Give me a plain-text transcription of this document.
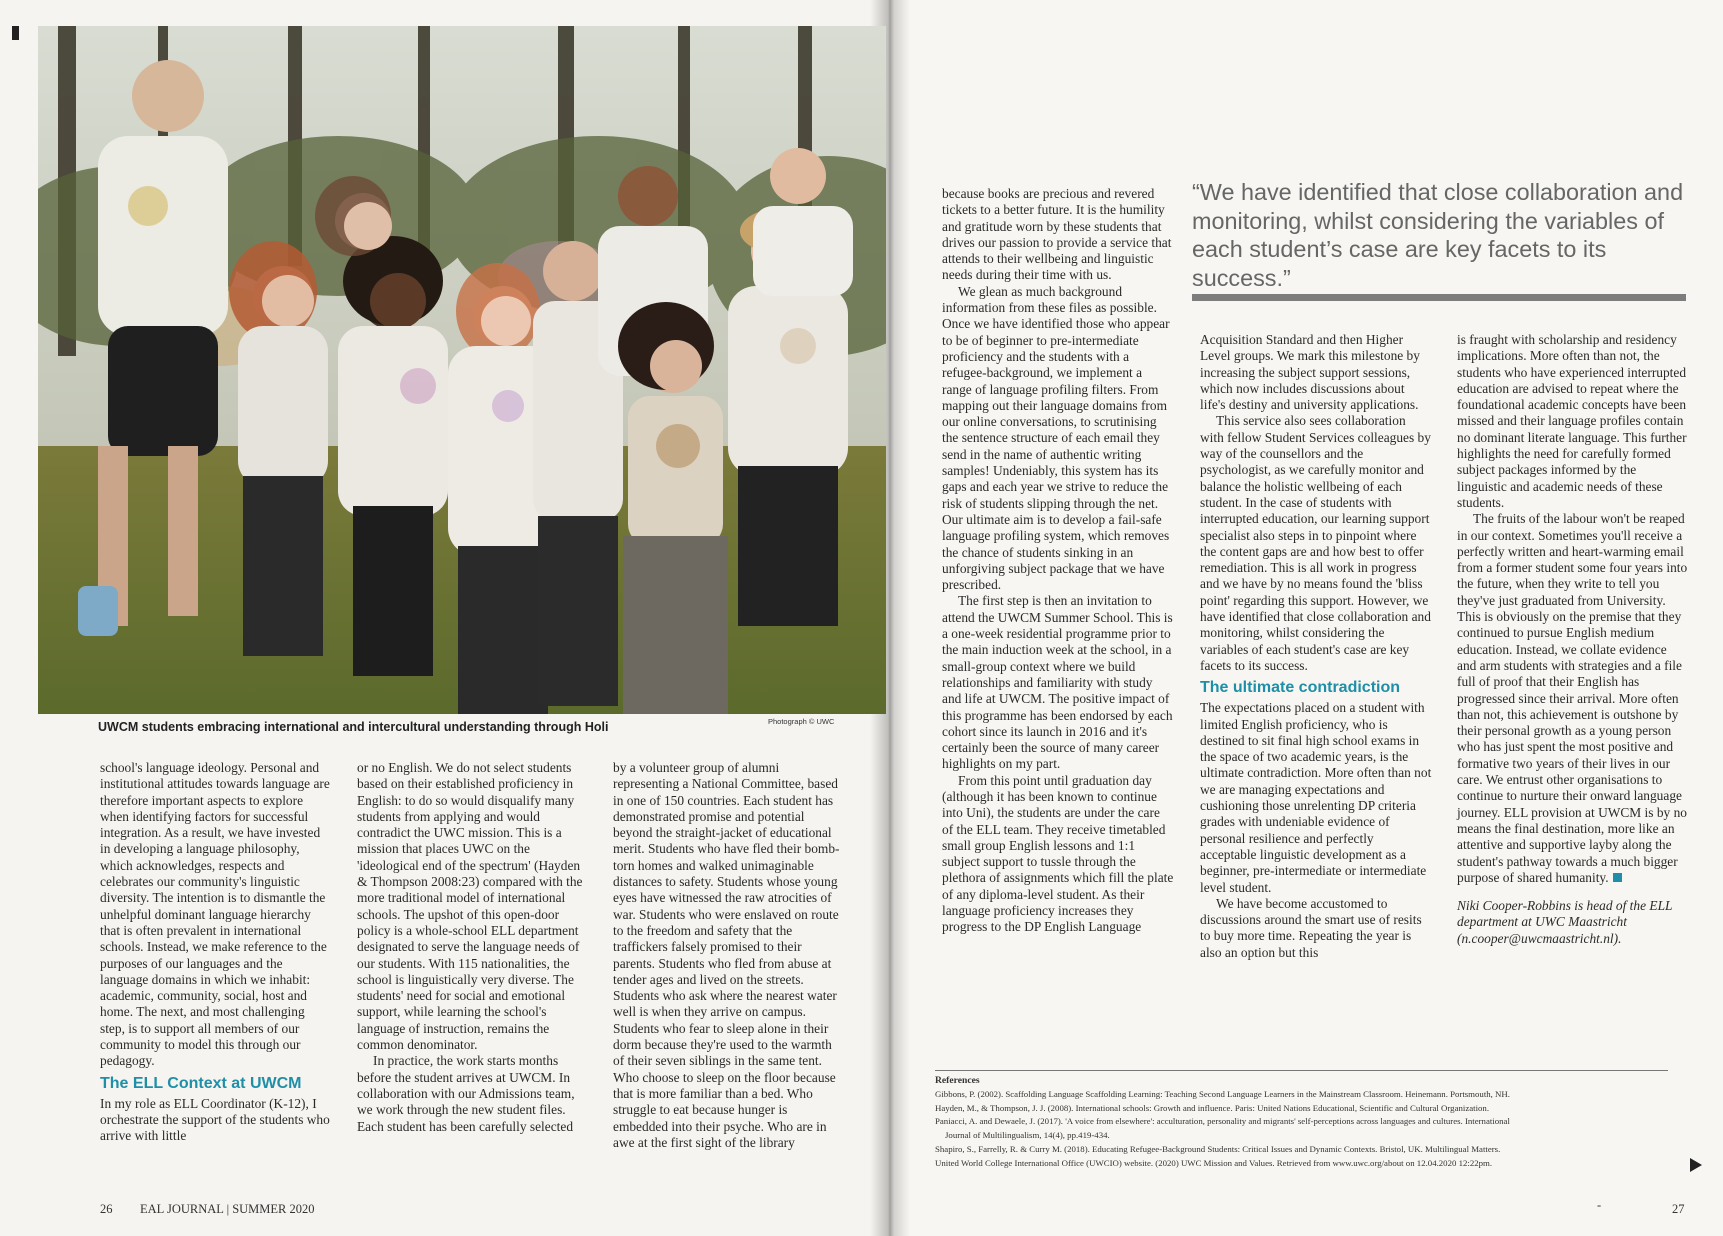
UWCM students embracing international and intercultural understanding through Holi	Photograph © UWC

school's language ideology. Personal and institutional attitudes towards language are therefore important aspects to explore when identifying factors for successful integration. As a result, we have invested in developing a language philosophy, which acknowledges, respects and celebrates our community's linguistic diversity. The intention is to dismantle the unhelpful dominant language hierarchy that is often prevalent in international schools. Instead, we make reference to the purposes of our languages and the language domains in which we inhabit: academic, community, social, host and home. The next, and most challenging step, is to support all members of our community to model this through our pedagogy.

The ELL Context at UWCM

In my role as ELL Coordinator (K-12), I orchestrate the support of the students who arrive with little

or no English. We do not select students based on their established proficiency in English: to do so would disqualify many students from applying and would contradict the UWC mission. This is a mission that places UWC on the 'ideological end of the spectrum' (Hayden & Thompson 2008:23) compared with the more traditional model of international schools. The upshot of this open-door policy is a whole-school ELL department designated to serve the language needs of our students. With 115 nationalities, the school is linguistically very diverse. The students' need for social and emotional support, while learning the school's language of instruction, remains the common denominator.

In practice, the work starts months before the student arrives at UWCM. In collaboration with our Admissions team, we work through the new student files. Each student has been carefully selected

by a volunteer group of alumni representing a National Committee, based in one of 150 countries. Each student has demonstrated promise and potential beyond the straight-jacket of educational merit. Students who have fled their bomb-torn homes and walked unimaginable distances to safety. Students whose young eyes have witnessed the raw atrocities of war. Students who were enslaved on route to the freedom and safety that the traffickers falsely promised to their parents. Students who fled from abuse at tender ages and lived on the streets. Students who ask where the nearest water well is when they arrive on campus. Students who fear to sleep alone in their dorm because they're used to the warmth of their seven siblings in the same tent. Who choose to sleep on the floor because that is more familiar than a bed. Who struggle to eat because hunger is embedded into their psyche. Who are in awe at the first sight of the library

because books are precious and revered tickets to a better future. It is the humility and gratitude worn by these students that drives our passion to provide a service that attends to their wellbeing and linguistic needs during their time with us.

We glean as much background information from these files as possible. Once we have identified those who appear to be of beginner to pre-intermediate proficiency and the students with a refugee-background, we implement a range of language profiling filters. From mapping out their language domains from our online conversations, to scrutinising the sentence structure of each email they send in the name of authentic writing samples! Undeniably, this system has its gaps and each year we strive to reduce the risk of students slipping through the net. Our ultimate aim is to develop a fail-safe language profiling system, which removes the chance of students sinking in an unforgiving subject package that we have prescribed.

The first step is then an invitation to attend the UWCM Summer School. This is a one-week residential programme prior to the main induction week at the school, in a small-group context where we build relationships and familiarity with study and life at UWCM. The positive impact of this programme has been endorsed by each cohort since its launch in 2016 and it's certainly been the source of many career highlights on my part.

From this point until graduation day (although it has been known to continue into Uni), the students are under the care of the ELL team. They receive timetabled small group English lessons and 1:1 subject support to tussle through the plethora of assignments which fill the plate of any diploma-level student. As their language proficiency increases they progress to the DP English Language

“We have identified that close collaboration and monitoring, whilst considering the variables of each student’s case are key facets to its success.”

Acquisition Standard and then Higher Level groups. We mark this milestone by increasing the subject support sessions, which now includes discussions about life's destiny and university applications.

This service also sees collaboration with fellow Student Services colleagues by way of the counsellors and the psychologist, as we carefully monitor and balance the holistic wellbeing of each student. In the case of students with interrupted education, our learning support specialist also steps in to pinpoint where the content gaps are and how best to offer remediation. This is all work in progress and we have by no means found the 'bliss point' regarding this support. However, we have identified that close collaboration and monitoring, whilst considering the variables of each student's case are key facets to its success.

The ultimate contradiction

The expectations placed on a student with limited English proficiency, who is destined to sit final high school exams in the space of two academic years, is the ultimate contradiction. More often than not we are managing expectations and cushioning those unrelenting DP criteria grades with undeniable evidence of personal resilience and perfectly acceptable linguistic development as a beginner, pre-intermediate or intermediate level student.

We have become accustomed to discussions around the smart use of resits to buy more time. Repeating the year is also an option but this

is fraught with scholarship and residency implications. More often than not, the students who have experienced interrupted education are advised to repeat where the foundational academic concepts have been missed and their language profiles contain no dominant literate language. This further highlights the need for carefully formed subject packages informed by the linguistic and academic needs of these students.

The fruits of the labour won't be reaped in our context. Sometimes you'll receive a perfectly written and heart-warming email from a former student some four years into the future, when they write to tell you they've just graduated from University. This is obviously on the premise that they continued to pursue English medium education. Instead, we collate evidence and arm students with strategies and a file full of proof that their English has progressed since their arrival. More often than not, this achievement is outshone by their personal growth as a young person who has just spent the most positive and formative two years of their lives in our care. We entrust other organisations to continue to nurture their onward language journey. ELL provision at UWCM is by no means the final destination, more like an attentive and supportive layby along the student's pathway towards a much bigger purpose of shared humanity.

Niki Cooper-Robbins is head of the ELL department at UWC Maastricht (n.cooper@uwcmaastricht.nl).

References

Gibbons, P. (2002). Scaffolding Language Scaffolding Learning: Teaching Second Language Learners in the Mainstream Classroom. Heinemann. Portsmouth, NH.

Hayden, M., & Thompson, J. J. (2008). International schools: Growth and influence. Paris: United Nations Educational, Scientific and Cultural Organization.

Paniacci, A. and Dewaele, J. (2017). 'A voice from elsewhere': acculturation, personality and migrants' self-perceptions across languages and cultures. International

Journal of Multilingualism, 14(4), pp.419-434.

Shapiro, S., Farrelly, R. & Curry M. (2018). Educating Refugee-Background Students: Critical Issues and Dynamic Contexts. Bristol, UK. Multilingual Matters.

United World College International Office (UWCIO) website. (2020) UWC Mission and Values. Retrieved from www.uwc.org/about on 12.04.2020 12:22pm.

26 EAL JOURNAL | SUMMER 2020	-	27
